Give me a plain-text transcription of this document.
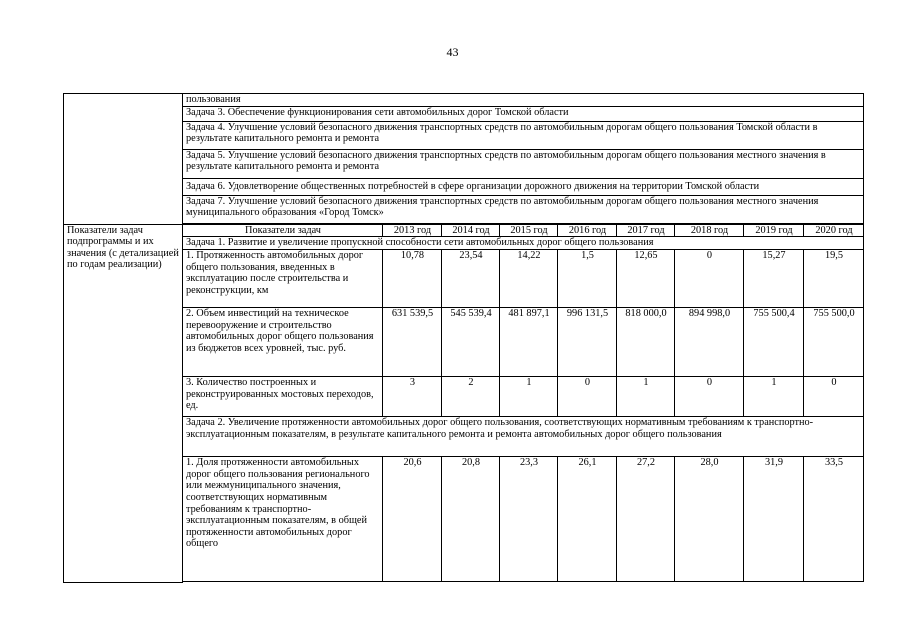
43
	пользования								
	Задача 3. Обеспечение функционирования сети автомобильных дорог Томской области								
	Задача 4. Улучшение условий безопасного движения транспортных средств по автомобильным дорогам общего пользования Томской области в результате капитального ремонта и ремонта								
	Задача 5. Улучшение условий безопасного движения транспортных средств по автомобильным дорогам общего пользования местного значения в результате капитального ремонта и ремонта								
	Задача 6. Удовлетворение общественных потребностей в сфере организации дорожного движения на территории Томской области								
	Задача 7. Улучшение условий безопасного движения транспортных средств по автомобильным дорогам общего пользования местного значения муниципального образования «Город Томск»								

Показатели задач подпрограммы и их значения (с детализацией по годам реализации)	Показатели задач	2013 год	2014 год	2015 год	2016 год	2017 год	2018 год	2019 год	2020 год
	Задача 1. Развитие и увеличение пропускной способности сети автомобильных дорог общего пользования								
	1. Протяженность автомобильных дорог общего пользования, введенных в эксплуатацию после строительства и реконструкции, км	10,78	23,54	14,22	1,5	12,65	0	15,27	19,5
	2. Объем инвестиций на техническое перевооружение и строительство автомобильных дорог общего пользования из бюджетов всех уровней, тыс. руб.	631 539,5	545 539,4	481 897,1	996 131,5	818 000,0	894 998,0	755 500,4	755 500,0
	3. Количество построенных и реконструированных мостовых переходов, ед.	3	2	1	0	1	0	1	0
	Задача 2. Увеличение протяженности автомобильных дорог общего пользования, соответствующих нормативным требованиям к транспортно-эксплуатационным показателям, в результате капитального ремонта и ремонта автомобильных дорог общего пользования								
	1. Доля протяженности автомобильных дорог общего пользования регионального или межмуниципального значения, соответствующих нормативным требованиям к транспортно-эксплуатационным показателям, в общей протяженности автомобильных дорог общего	20,6	20,8	23,3	26,1	27,2	28,0	31,9	33,5
